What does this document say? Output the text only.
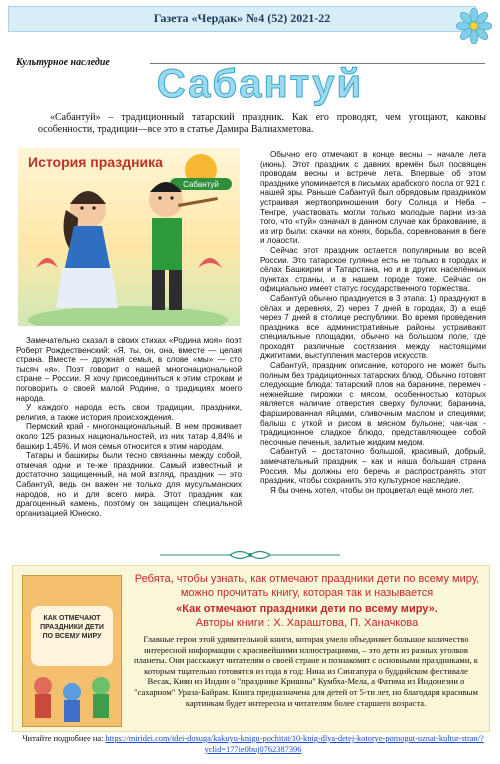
Газета «Чердак» №4 (52) 2021-22
Культурное наследие	Сабантуй
«Сабантуй» – традиционный татарский праздник. Как его проводят, чем угощают, каковы особенности, традиции—все это в статье Дамира Валиахметова.
История праздника
Сабантуй

Замечательно сказал в своих стихах «Родина моя» поэт Роберт Рождественский: «Я, ты, он, она, вместе — целая страна. Вместе — дружная семья, в слове «мы» — сто тысяч «я». Поэт говорит о нашей многонациональной стране – России. Я хочу присоединиться к этим строкам и поговорить о своей малой Родине, о традициях моего народа.

У каждого народа есть свои традиции, праздники, религия, а также история происхождения.

Пермский край - многонациональный. В нем проживает около 125 разных национальностей, из них татар 4,84% и башкир 1,45%. И моя семья относится к этим народам.

Татары и башкиры были тесно связанны между собой, отмечая одни и те-же праздники. Самый известный и достаточно защищенный, на мой взгляд, праздник — это Сабантуй, ведь он важен не только для мусульманских народов, но и для всего мира. Этот праздник как драгоценный камень, поэтому он защищен специальной организацией Юнеско.

Обычно его отмечают в конце весны – начале лета (июнь). Этот праздник с давних времён был посвящен проводам весны и встрече лета. Впервые об этом празднике упоминается в письмах арабского посла от 921 г. нашей эры. Раньше Сабантуй был обрядовым праздником устраивая жертвоприношения богу Солнца и Неба – Тенгре, участвовать могли только молодые парни из-за того, что «туй» означал в данном случае как бракование, а из игр были: скачки на конях, борьба, соревнования в беге и лоаости.

Сейчас этот праздник остается популярным во всей России. Это татарское гулянье есть не только в городах и сёлах Башкирии и Татарстана, но и в других населённых пунктах страны, и в нашем городе тоже. Сейчас он официально имеет статус государственного торжества.

Сабантуй обычно празднуется в 3 этапа: 1) празднуют в сёлах и деревнях, 2) через 7 дней в городах, 3) а ещё через 7 дней в столице республики. Во время проведения праздника все административные районы устраивают специальные площадки, обычно на большом поле, где проходят различные состязания между настоящими джигитами, выступления мастеров искусств.

Сабантуй, праздник описание, которого не может быть полным без традиционных татарских блюд. Обычно готовят следующие блюда: татарский плов на баранине, перемеч - нежнейшие пирожки с мясом, особенностью которых является наличие отверстия сверху булочки; баранина, фаршированная яйцами, сливочным маслом и специями; балыш с уткой и рисом в мясном бульоне; чак-чак - традиционное сладкое блюдо, представляющее собой песочные печенья, залитые жидким медом.

Сабантуй – достаточно большой, красивый, добрый, замечательный праздник – как и наша большая страна Россия. Мы должны его беречь и распространять этот праздник, чтобы сохранить это культурное наследие.

Я бы очень хотел, чтобы он процветал ещё много лет.

КАК ОТМЕЧАЮТ ПРАЗДНИКИ ДЕТИ ПО ВСЕМУ МИРУ
Ребята, чтобы узнать, как отмечают праздники дети по всему миру, можно прочитать книгу, которая так и называется
«Как отмечают праздники дети по всему миру».
Авторы книги : Х. Хараштова, П. Ханачкова
Главные герои этой удивительной книги, которая умело объединяет большое количество интересной информации с красивейшими иллюстрациями, – это дети из разных уголков планеты. Они расскажут читателям о своей стране и познакомят с основными праздниками, к которым тщательно готовятся из года в год: Нина из Сингапура о буддийском фестивале Весак, Киян из Индии о "празднике Кришны" Кумбха-Мела, а Фатима из Индонезии о "сахарном" Ураза-Байрам. Книга предназначена для детей от 5-ти лет, но благодаря красивым картинкам будет интересна и читателям более старшего возраста.
Читайте подробнее на: https://miridei.com/idei-dosuga/kakuyu-knigu-pochitat/10-knig-dlya-detej-kotorye-pomogut-uznat-kultur-stran/?yclid=177ie0buj0762387396
